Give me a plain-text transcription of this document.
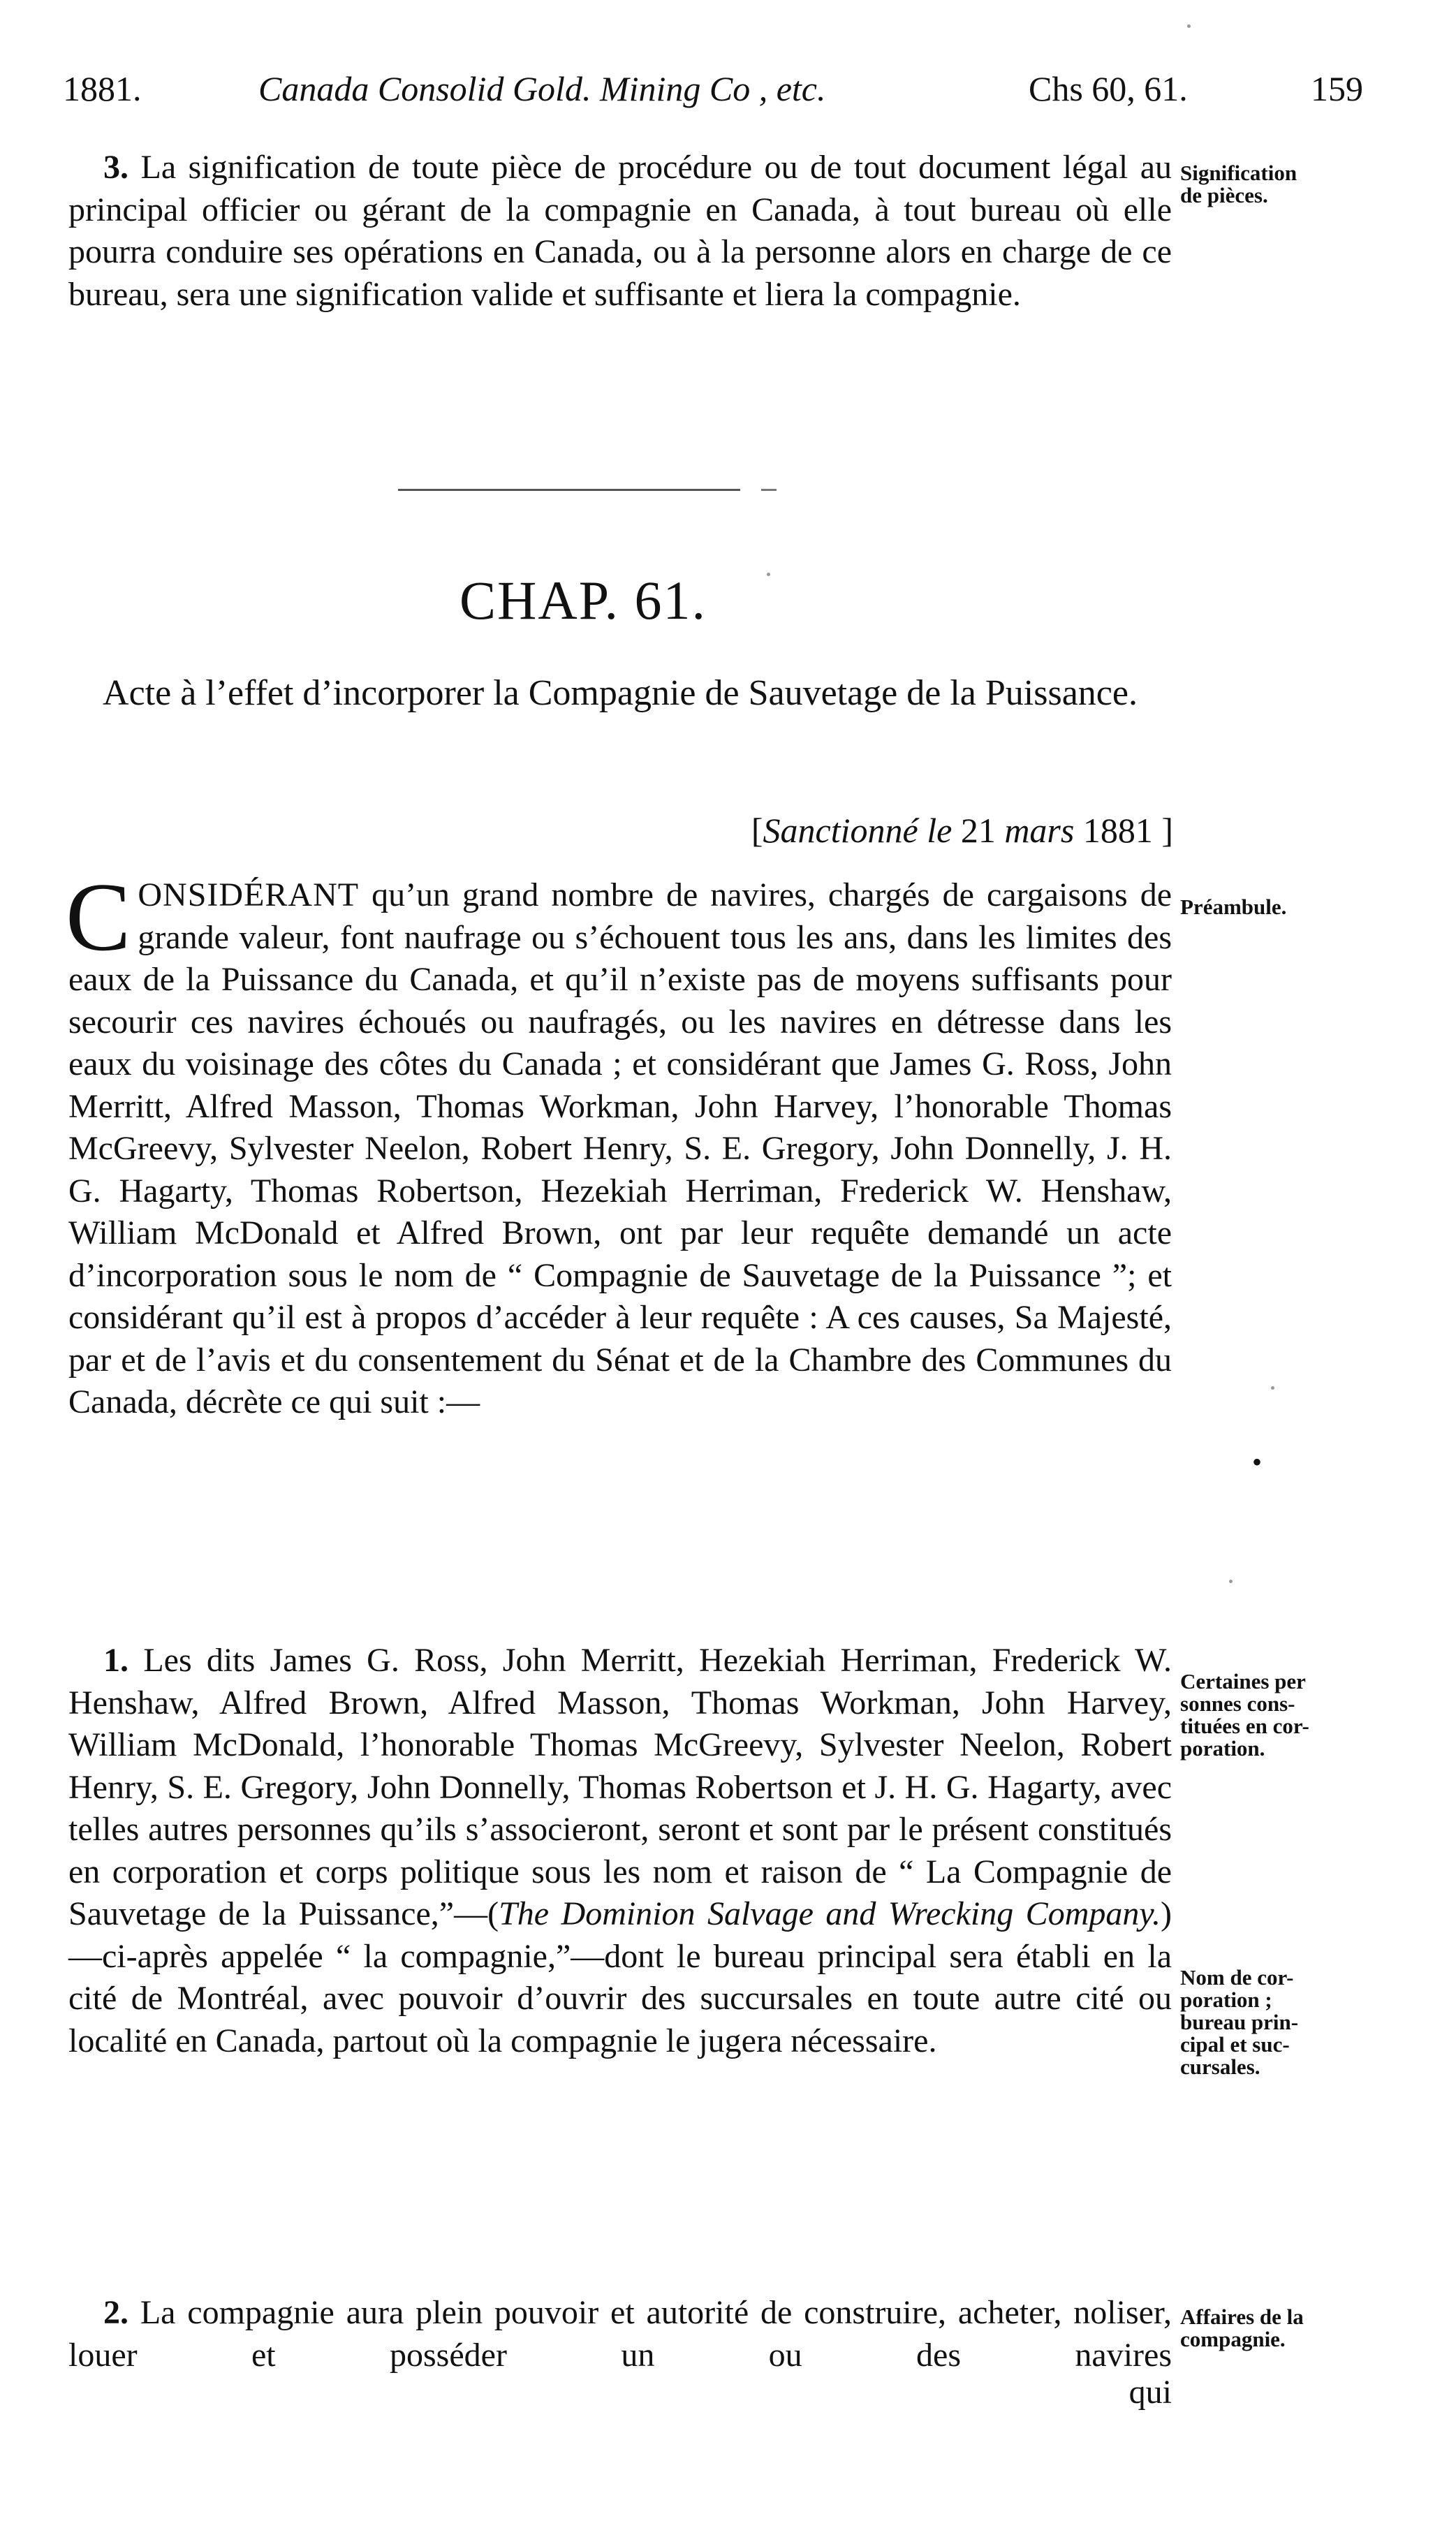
1881.	Canada Consolid Gold. Mining Co , etc.	Chs 60, 61.	159

3. La signification de toute pièce de procédure ou de tout document légal au principal officier ou gérant de la compagnie en Canada, à tout bureau où elle pourra conduire ses opérations en Canada, ou à la personne alors en charge de ce bureau, sera une signification valide et suffisante et liera la compagnie.

Signification
de pièces.
CHAP. 61.
Acte à l’effet d’incorporer la Compagnie de Sauvetage de la Puissance.
[Sanctionné le 21 mars 1881 ]

CONSIDÉRANT qu’un grand nombre de navires, chargés de cargaisons de grande valeur, font naufrage ou s’échouent tous les ans, dans les limites des eaux de la Puissance du Canada, et qu’il n’existe pas de moyens suffisants pour secourir ces navires échoués ou naufragés, ou les navires en détresse dans les eaux du voisinage des côtes du Canada ; et considérant que James G. Ross, John Merritt, Alfred Masson, Thomas Workman, John Harvey, l’honorable Thomas McGreevy, Sylvester Neelon, Robert Henry, S. E. Gregory, John Donnelly, J. H. G. Hagarty, Thomas Robertson, Hezekiah Herriman, Frederick W. Henshaw, William McDonald et Alfred Brown, ont par leur requête demandé un acte d’incorporation sous le nom de “ Compagnie de Sauvetage de la Puissance ”; et considérant qu’il est à propos d’accéder à leur requête : A ces causes, Sa Majesté, par et de l’avis et du consentement du Sénat et de la Chambre des Communes du Canada, décrète ce qui suit :—

Préambule.
•

1. Les dits James G. Ross, John Merritt, Hezekiah Herriman, Frederick W. Henshaw, Alfred Brown, Alfred Masson, Thomas Workman, John Harvey, William McDonald, l’honorable Thomas McGreevy, Sylvester Neelon, Robert Henry, S. E. Gregory, John Donnelly, Thomas Robertson et J. H. G. Hagarty, avec telles autres personnes qu’ils s’associeront, seront et sont par le présent constitués en corporation et corps politique sous les nom et raison de “ La Compagnie de Sauvetage de la Puissance,”—(The Dominion Salvage and Wrecking Company.)—ci-après appelée “ la compagnie,”—dont le bureau principal sera établi en la cité de Montréal, avec pouvoir d’ouvrir des succursales en toute autre cité ou localité en Canada, partout où la compagnie le jugera nécessaire.

Certaines per
sonnes cons-
tituées en cor-
poration.
Nom de cor-
poration ;
bureau prin-
cipal et suc-
cursales.

2. La compagnie aura plein pouvoir et autorité de construire, acheter, noliser, louer et posséder un ou des navires

Affaires de la
compagnie.
qui
